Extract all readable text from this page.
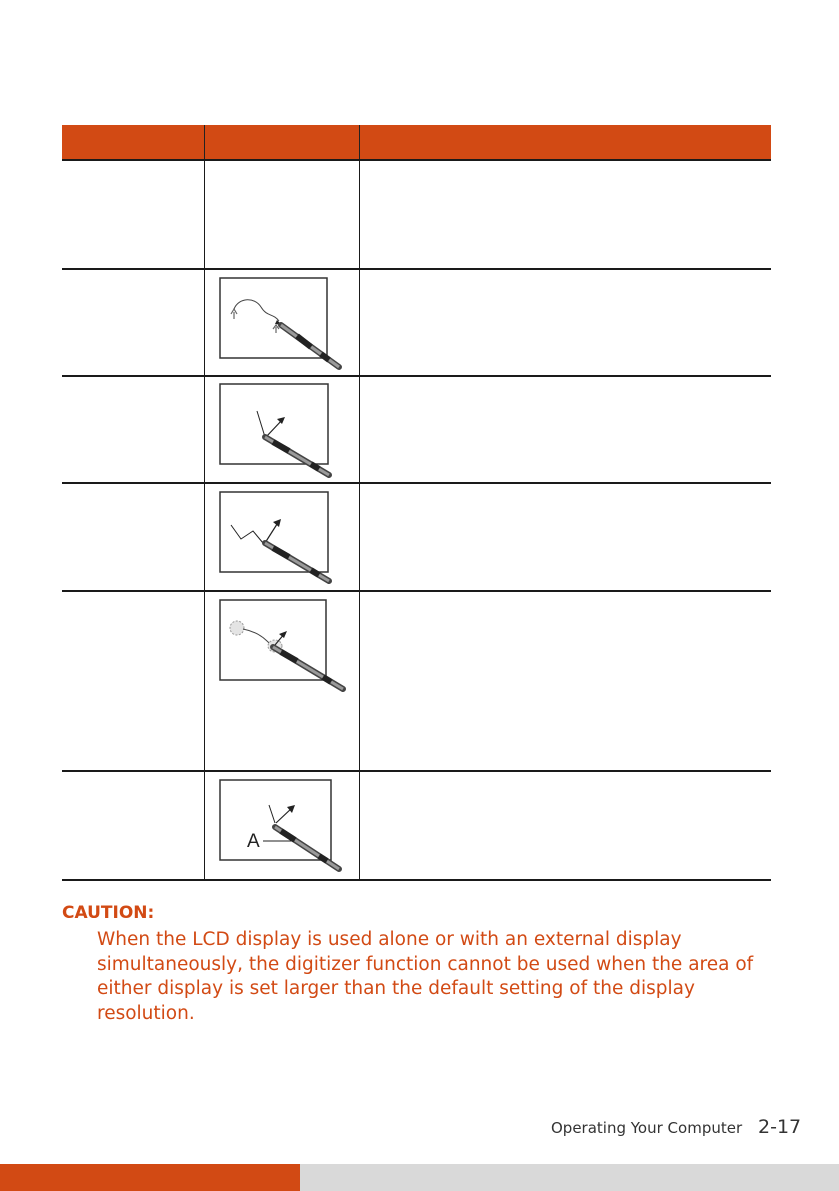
A

CAUTION:

When the LCD display is used alone or with an external display simultaneously, the digitizer function cannot be used when the area of either display is set larger than the default setting of the display resolution.

Operating Your Computer 2-17
